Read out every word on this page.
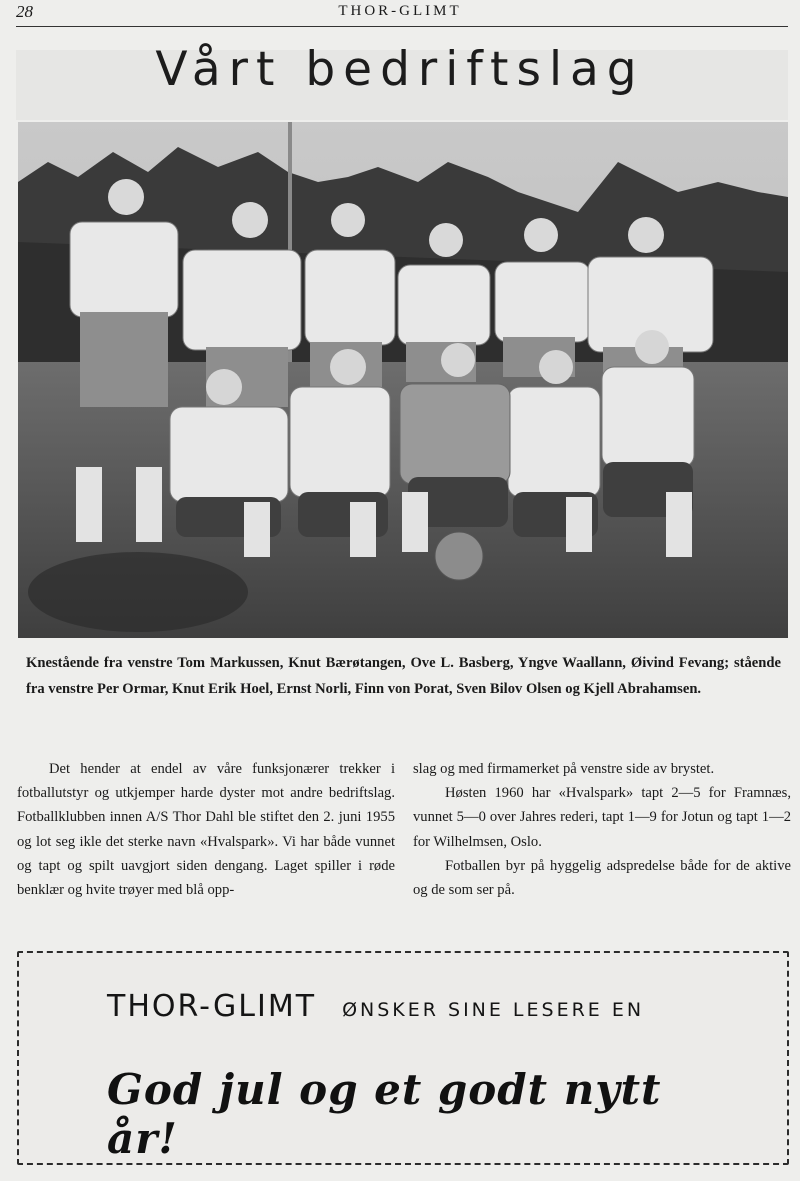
28	THOR-GLIMT
Vårt bedriftslag
Knestående fra venstre Tom Markussen, Knut Bærøtangen, Ove L. Basberg, Yngve Waallann, Øivind Fevang; stående fra venstre Per Ormar, Knut Erik Hoel, Ernst Norli, Finn von Porat, Sven Bilov Olsen og Kjell Abrahamsen.

Det hender at endel av våre funksjonærer trekker i fotballutstyr og utkjemper harde dyster mot andre bedriftslag. Fotballklubben innen A/S Thor Dahl ble stiftet den 2. juni 1955 og lot seg ikle det sterke navn «Hvalspark». Vi har både vunnet og tapt og spilt uavgjort siden dengang. Laget spiller i røde benklær og hvite trøyer med blå opp-

slag og med firmamerket på venstre side av brystet.

Høsten 1960 har «Hvalspark» tapt 2—5 for Framnæs, vunnet 5—0 over Jahres rederi, tapt 1—9 for Jotun og tapt 1—2 for Wilhelmsen, Oslo.

Fotballen byr på hyggelig adspredelse både for de aktive og de som ser på.

THOR-GLIMT ØNSKER SINE LESERE EN
God jul og et godt nytt år!
